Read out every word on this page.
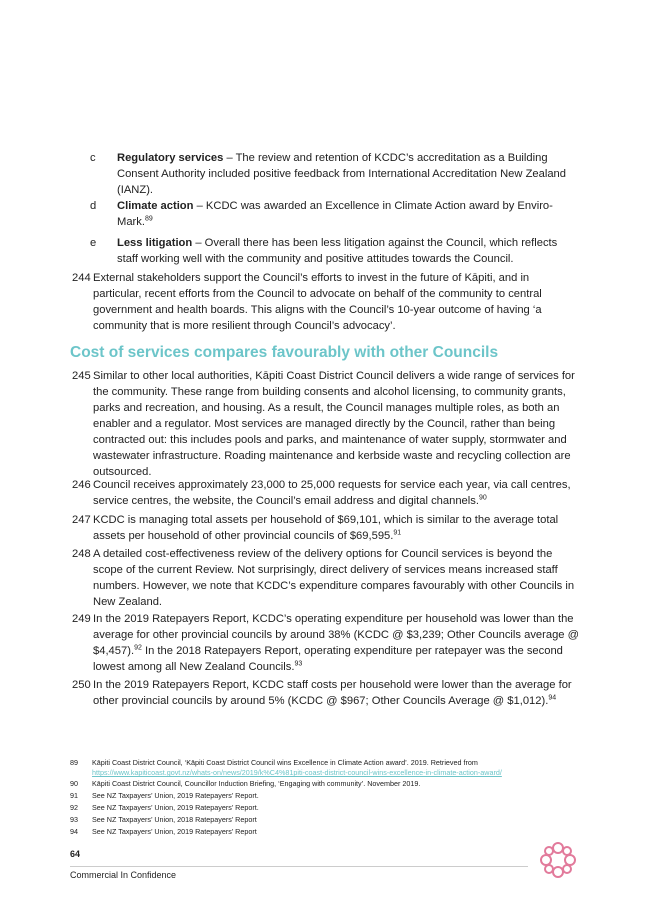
c Regulatory services – The review and retention of KCDC’s accreditation as a Building Consent Authority included positive feedback from International Accreditation New Zealand (IANZ).
d Climate action – KCDC was awarded an Excellence in Climate Action award by Enviro-Mark.$^{89}$
e Less litigation – Overall there has been less litigation against the Council, which reflects staff working well with the community and positive attitudes towards the Council.
244 External stakeholders support the Council’s efforts to invest in the future of Kāpiti, and in particular, recent efforts from the Council to advocate on behalf of the community to central government and health boards. This aligns with the Council’s 10-year outcome of having ‘a community that is more resilient through Council’s advocacy’.
Cost of services compares favourably with other Councils
245 Similar to other local authorities, Kāpiti Coast District Council delivers a wide range of services for the community. These range from building consents and alcohol licensing, to community grants, parks and recreation, and housing. As a result, the Council manages multiple roles, as both an enabler and a regulator. Most services are managed directly by the Council, rather than being contracted out: this includes pools and parks, and maintenance of water supply, stormwater and wastewater infrastructure. Roading maintenance and kerbside waste and recycling collection are outsourced.
246 Council receives approximately 23,000 to 25,000 requests for service each year, via call centres, service centres, the website, the Council’s email address and digital channels.$^{90}$
247 KCDC is managing total assets per household of $69,101, which is similar to the average total assets per household of other provincial councils of $69,595.91
248 A detailed cost-effectiveness review of the delivery options for Council services is beyond the scope of the current Review. Not surprisingly, direct delivery of services means increased staff numbers. However, we note that KCDC’s expenditure compares favourably with other Councils in New Zealand.
249 In the 2019 Ratepayers Report, KCDC’s operating expenditure per household was lower than the average for other provincial councils by around 38% (KCDC @ $3,239; Other Councils average @ $4,457).$^{92}$ In the 2018 Ratepayers Report, operating expenditure per ratepayer was the second lowest among all New Zealand Councils.$^{93}$
250 In the 2019 Ratepayers Report, KCDC staff costs per household were lower than the average for other provincial councils by around 5% (KCDC @ $967; Other Councils Average @ $1,012).$^{94}$
89 Kāpiti Coast District Council, ‘Kāpiti Coast District Council wins Excellence in Climate Action award’. 2019. Retrieved from
https://www.kapiticoast.govt.nz/whats-on/news/2019/k%C4%81piti-coast-district-council-wins-excellence-in-climate-action-award/
90 Kāpiti Coast District Council, Councillor Induction Briefing, ‘Engaging with community’. November 2019.
91 See NZ Taxpayers’ Union, 2019 Ratepayers’ Report.
92 See NZ Taxpayers’ Union, 2019 Ratepayers’ Report.
93 See NZ Taxpayers’ Union, 2018 Ratepayers’ Report
94 See NZ Taxpayers’ Union, 2019 Ratepayers’ Report
64
Commercial In Confidence
